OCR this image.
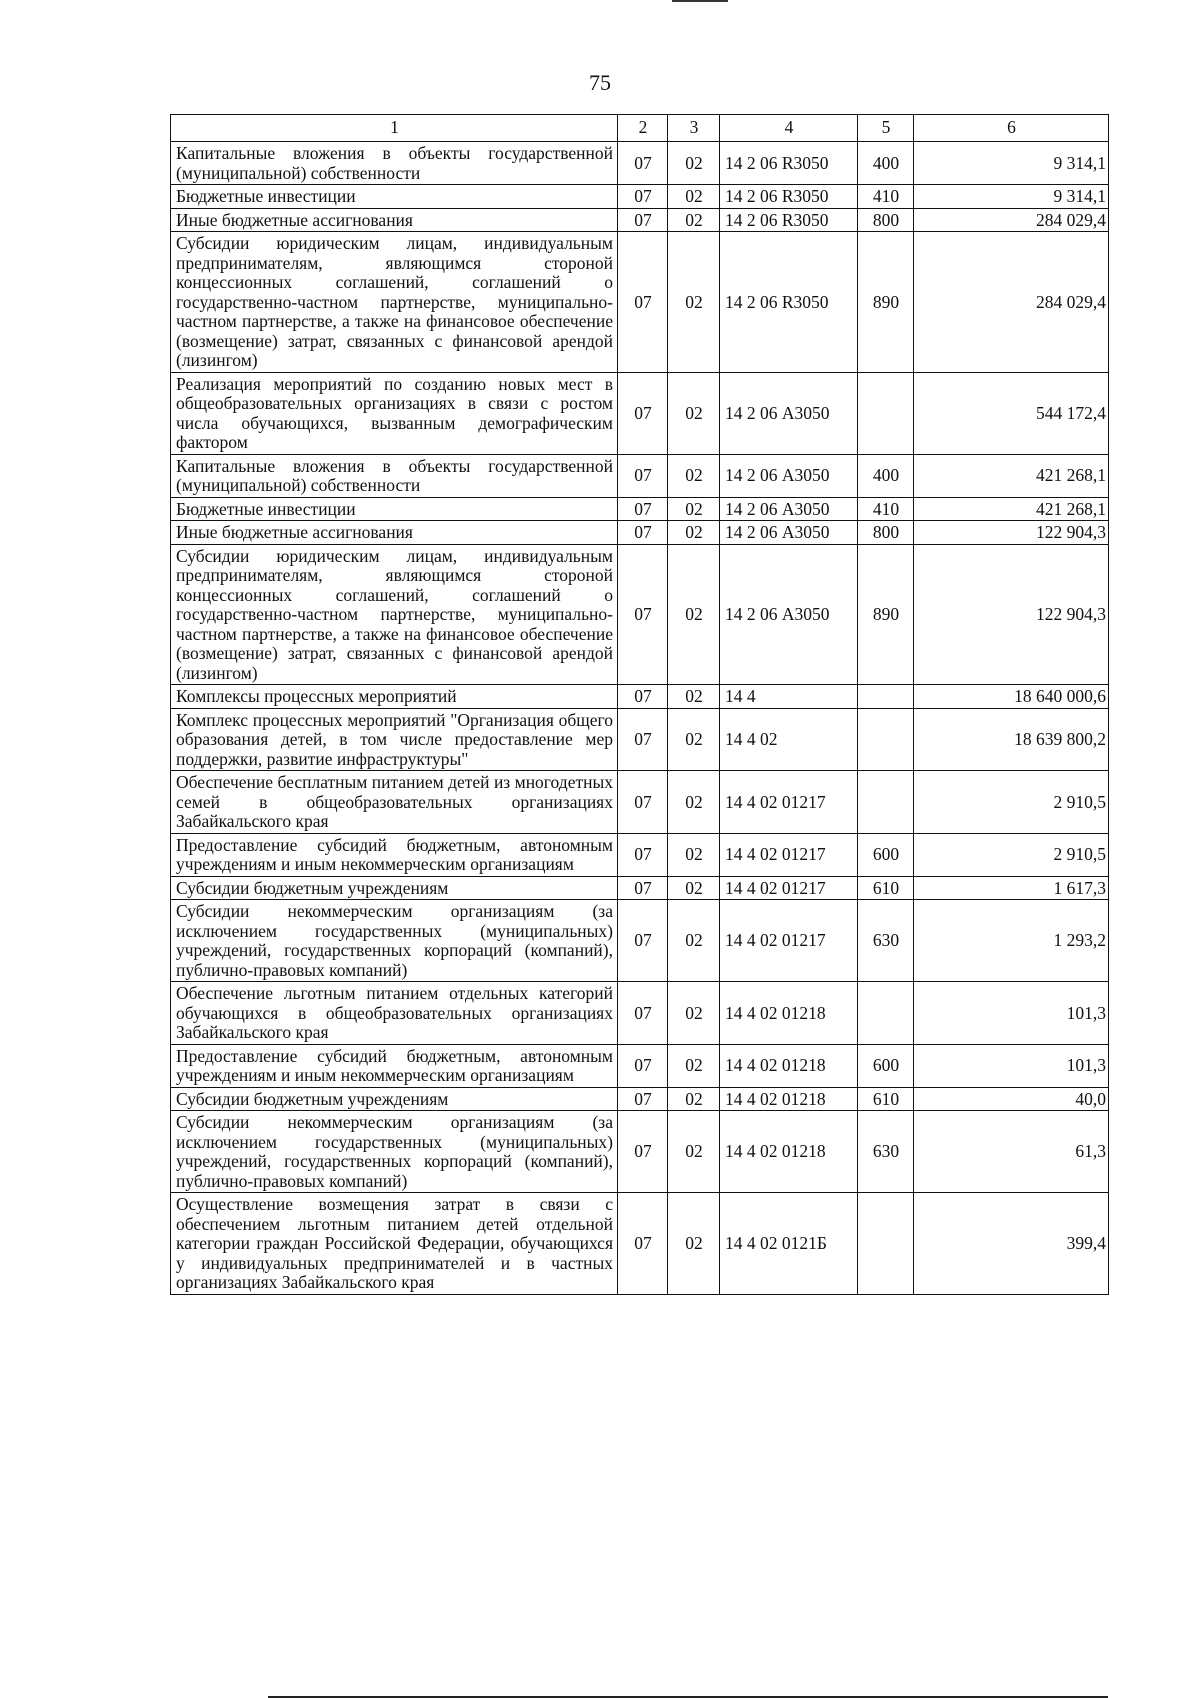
75
1	2	3	4	5	6
Капитальные вложения в объекты государственной (муниципальной) собственности	07	02	14 2 06 R3050	400	9 314,1
Бюджетные инвестиции	07	02	14 2 06 R3050	410	9 314,1
Иные бюджетные ассигнования	07	02	14 2 06 R3050	800	284 029,4
Субсидии юридическим лицам, индивидуальным предпринимателям, являющимся стороной концессионных соглашений, соглашений о государственно-частном партнерстве, муниципально-частном партнерстве, а также на финансовое обеспечение (возмещение) затрат, связанных с финансовой арендой (лизингом)	07	02	14 2 06 R3050	890	284 029,4
Реализация мероприятий по созданию новых мест в общеобразовательных организациях в связи с ростом числа обучающихся, вызванным демографическим фактором	07	02	14 2 06 А3050		544 172,4
Капитальные вложения в объекты государственной (муниципальной) собственности	07	02	14 2 06 А3050	400	421 268,1
Бюджетные инвестиции	07	02	14 2 06 А3050	410	421 268,1
Иные бюджетные ассигнования	07	02	14 2 06 А3050	800	122 904,3
Субсидии юридическим лицам, индивидуальным предпринимателям, являющимся стороной концессионных соглашений, соглашений о государственно-частном партнерстве, муниципально-частном партнерстве, а также на финансовое обеспечение (возмещение) затрат, связанных с финансовой арендой (лизингом)	07	02	14 2 06 А3050	890	122 904,3
Комплексы процессных мероприятий	07	02	14 4		18 640 000,6
Комплекс процессных мероприятий "Организация общего образования детей, в том числе предоставление мер поддержки, развитие инфраструктуры"	07	02	14 4 02		18 639 800,2
Обеспечение бесплатным питанием детей из многодетных семей в общеобразовательных организациях Забайкальского края	07	02	14 4 02 01217		2 910,5
Предоставление субсидий бюджетным, автономным учреждениям и иным некоммерческим организациям	07	02	14 4 02 01217	600	2 910,5
Субсидии бюджетным учреждениям	07	02	14 4 02 01217	610	1 617,3
Субсидии некоммерческим организациям (за исключением государственных (муниципальных) учреждений, государственных корпораций (компаний), публично-правовых компаний)	07	02	14 4 02 01217	630	1 293,2
Обеспечение льготным питанием отдельных категорий обучающихся в общеобразовательных организациях Забайкальского края	07	02	14 4 02 01218		101,3
Предоставление субсидий бюджетным, автономным учреждениям и иным некоммерческим организациям	07	02	14 4 02 01218	600	101,3
Субсидии бюджетным учреждениям	07	02	14 4 02 01218	610	40,0
Субсидии некоммерческим организациям (за исключением государственных (муниципальных) учреждений, государственных корпораций (компаний), публично-правовых компаний)	07	02	14 4 02 01218	630	61,3
Осуществление возмещения затрат в связи с обеспечением льготным питанием детей отдельной категории граждан Российской Федерации, обучающихся у индивидуальных предпринимателей и в частных организациях Забайкальского края	07	02	14 4 02 0121Б		399,4
